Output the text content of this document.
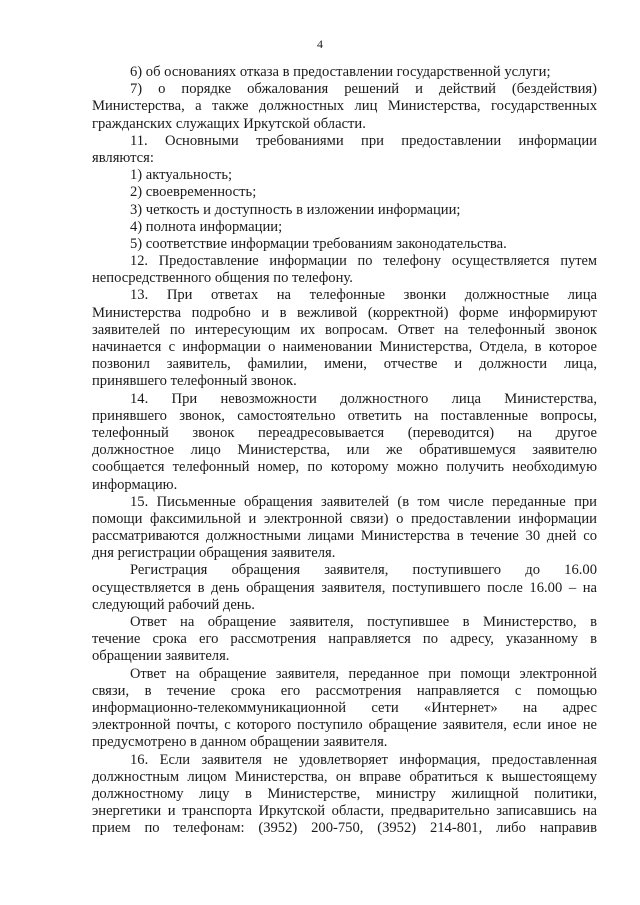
4
6) об основаниях отказа в предоставлении государственной услуги;
7) о порядке обжалования решений и действий (бездействия)
Министерства, а также должностных лиц Министерства, государственных
гражданских служащих Иркутской области.
11. Основными требованиями при предоставлении информации
являются:
1) актуальность;
2) своевременность;
3) четкость и доступность в изложении информации;
4) полнота информации;
5) соответствие информации требованиям законодательства.
12. Предоставление информации по телефону осуществляется путем
непосредственного общения по телефону.
13. При ответах на телефонные звонки должностные лица
Министерства подробно и в вежливой (корректной) форме информируют
заявителей по интересующим их вопросам. Ответ на телефонный звонок
начинается с информации о наименовании Министерства, Отдела, в которое
позвонил заявитель, фамилии, имени, отчестве и должности лица,
принявшего телефонный звонок.
14. При невозможности должностного лица Министерства,
принявшего звонок, самостоятельно ответить на поставленные вопросы,
телефонный звонок переадресовывается (переводится) на другое
должностное лицо Министерства, или же обратившемуся заявителю
сообщается телефонный номер, по которому можно получить необходимую
информацию.
15. Письменные обращения заявителей (в том числе переданные при
помощи факсимильной и электронной связи) о предоставлении информации
рассматриваются должностными лицами Министерства в течение 30 дней со
дня регистрации обращения заявителя.
Регистрация обращения заявителя, поступившего до 16.00
осуществляется в день обращения заявителя, поступившего после 16.00 – на
следующий рабочий день.
Ответ на обращение заявителя, поступившее в Министерство, в
течение срока его рассмотрения направляется по адресу, указанному в
обращении заявителя.
Ответ на обращение заявителя, переданное при помощи электронной
связи, в течение срока его рассмотрения направляется с помощью
информационно-телекоммуникационной сети «Интернет» на адрес
электронной почты, с которого поступило обращение заявителя, если иное не
предусмотрено в данном обращении заявителя.
16. Если заявителя не удовлетворяет информация, предоставленная
должностным лицом Министерства, он вправе обратиться к вышестоящему
должностному лицу в Министерстве, министру жилищной политики,
энергетики и транспорта Иркутской области, предварительно записавшись на
прием по телефонам: (3952) 200-750, (3952) 214-801, либо направив
